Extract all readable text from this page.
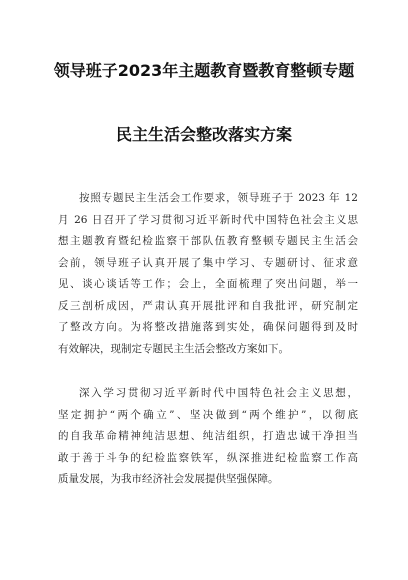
领导班子2023年主题教育暨教育整顿专题
民主生活会整改落实方案
按照专题民主生活会工作要求，领导班子于 2023 年 12
月 26 日召开了学习贯彻习近平新时代中国特色社会主义思
想主题教育暨纪检监察干部队伍教育整顿专题民主生活会
会前，领导班子认真开展了集中学习、专题研讨、征求意
见、谈心谈话等工作；会上，全面梳理了突出问题，举一
反三剖析成因，严肃认真开展批评和自我批评，研究制定
了整改方向。为将整改措施落到实处，确保问题得到及时
有效解决，现制定专题民主生活会整改方案如下。
深入学习贯彻习近平新时代中国特色社会主义思想，
坚定拥护“两个确立”、坚决做到“两个维护”，以彻底
的自我革命精神纯洁思想、纯洁组织，打造忠诚干净担当
敢于善于斗争的纪检监察铁军，纵深推进纪检监察工作高
质量发展，为我市经济社会发展提供坚强保障。
